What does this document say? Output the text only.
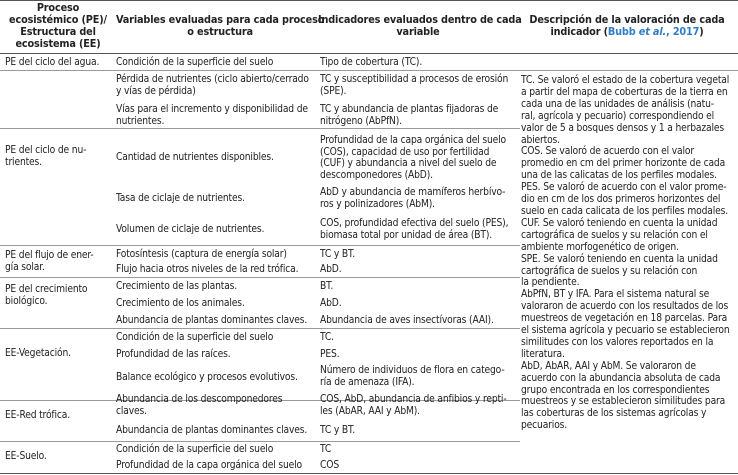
Proceso
ecosistémico (PE)/
Estructura del
ecosistema (EE)
Variables evaluadas para cada proceso
o estructura
Indicadores evaluados dentro de cada
variable
Descripción de la valoración de cada
indicador (Bubb et al., 2017)
PE del ciclo del agua.
PE del ciclo de nu-
trientes.
PE del flujo de ener-
gía solar.
PE del crecimiento
biológico.
EE-Vegetación.
EE-Red trófica.
EE-Suelo.
Condición de la superficie del suelo
Pérdida de nutrientes (ciclo abierto/cerrado
y vías de pérdida)
Vías para el incremento y disponibilidad de
nutrientes.
Cantidad de nutrientes disponibles.
Tasa de ciclaje de nutrientes.
Volumen de ciclaje de nutrientes.
Fotosíntesis (captura de energía solar)
Flujo hacia otros niveles de la red trófica.
Crecimiento de las plantas.
Crecimiento de los animales.
Abundancia de plantas dominantes claves.
Condición de la superficie del suelo
Profundidad de las raíces.
Balance ecológico y procesos evolutivos.
Abundancia de los descomponedores
claves.
Abundancia de plantas dominantes claves.
Condición de la superficie del suelo
Profundidad de la capa orgánica del suelo
Tipo de cobertura (TC).
TC y susceptibilidad a procesos de erosión
(SPE).
TC y abundancia de plantas fijadoras de
nitrógeno (AbPfN).
Profundidad de la capa orgánica del suelo
(COS), capacidad de uso por fertilidad
(CUF) y abundancia a nivel del suelo de
descomponedores (AbD).
AbD y abundancia de mamíferos herbívo-
ros y polinizadores (AbM).
COS, profundidad efectiva del suelo (PES),
biomasa total por unidad de área (BT).
TC y BT.
AbD.
BT.
AbD.
Abundancia de aves insectívoras (AAI).
TC.
PES.
Número de individuos de flora en catego-
ría de amenaza (IFA).
COS, AbD, abundancia de anfibios y repti-
les (AbAR, AAI y AbM).
TC y BT.
TC
COS
TC. Se valoró el estado de la cobertura vegetal
a partir del mapa de coberturas de la tierra en
cada una de las unidades de análisis (natu-
ral, agrícola y pecuario) correspondiendo el
valor de 5 a bosques densos y 1 a herbazales
abiertos.
COS. Se valoró de acuerdo con el valor
promedio en cm del primer horizonte de cada
una de las calicatas de los perfiles modales.
PES. Se valoró de acuerdo con el valor prome-
dio en cm de los dos primeros horizontes del
suelo en cada calicata de los perfiles modales.
CUF. Se valoró teniendo en cuenta la unidad
cartográfica de suelos y su relación con el
ambiente morfogenético de origen.
SPE. Se valoró teniendo en cuenta la unidad
cartográfica de suelos y su relación con
la pendiente.
AbPfN, BT y IFA. Para el sistema natural se
valoraron de acuerdo con los resultados de los
muestreos de vegetación en 18 parcelas. Para
el sistema agrícola y pecuario se establecieron
similitudes con los valores reportados en la
literatura.
AbD, AbAR, AAI y AbM. Se valoraron de
acuerdo con la abundancia absoluta de cada
grupo encontrada en los correspondientes
muestreos y se establecieron similitudes para
las coberturas de los sistemas agrícolas y
pecuarios.
